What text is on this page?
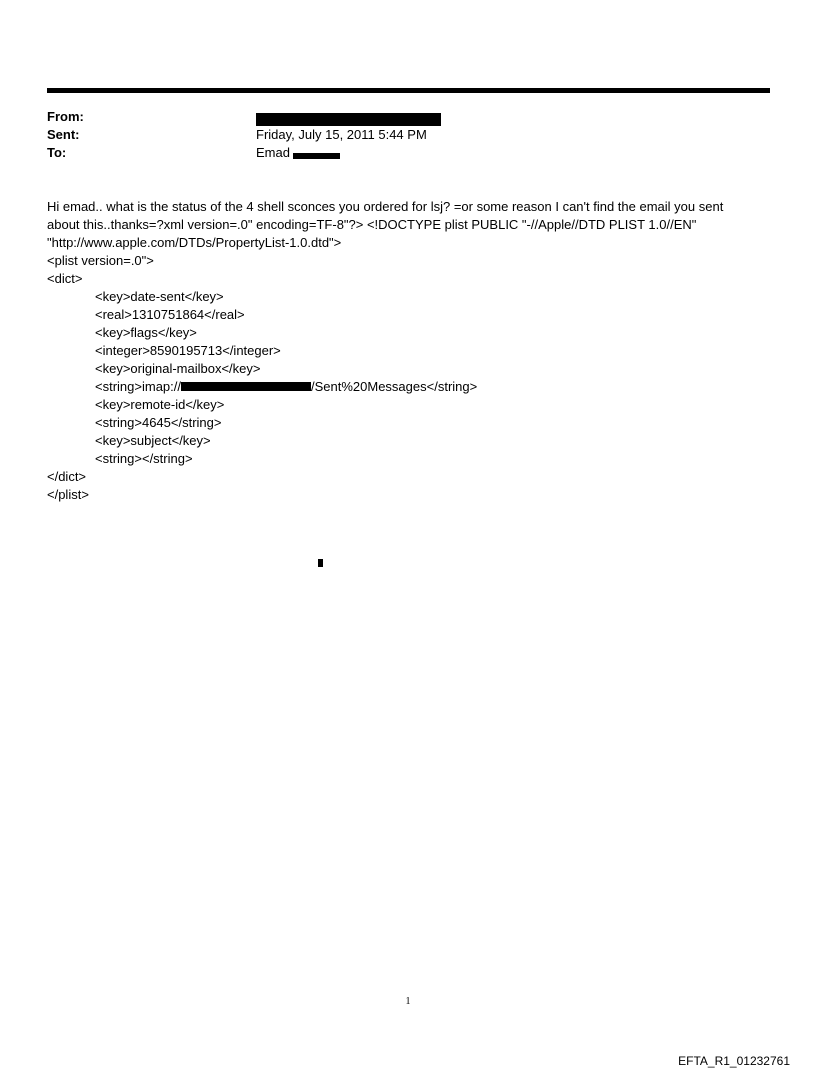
From:
Sent:	Friday, July 15, 2011 5:44 PM
To:	Emad
Hi emad.. what is the status of the 4 shell sconces you ordered for lsj? =or some reason I can't find the email you sent
about this..thanks=?xml version=.0" encoding=TF-8"?> <!DOCTYPE plist PUBLIC "-//Apple//DTD PLIST 1.0//EN"
"http://www.apple.com/DTDs/PropertyList-1.0.dtd">
<plist version=.0">
<dict>
<key>date-sent</key>
<real>1310751864</real>
<key>flags</key>
<integer>8590195713</integer>
<key>original-mailbox</key>
<string>imap://	/Sent%20Messages</string>
<key>remote-id</key>
<string>4645</string>
<key>subject</key>
<string></string>
</dict>
</plist>
1
EFTA_R1_01232761
